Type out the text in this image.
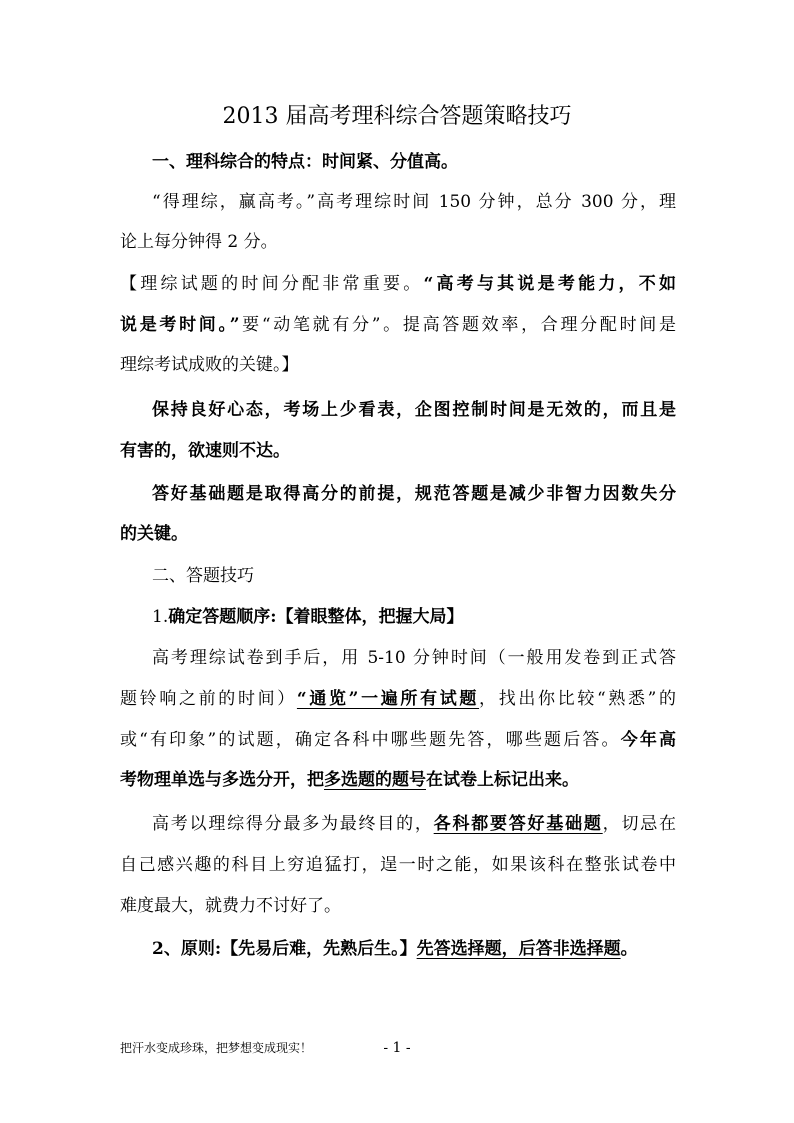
2013 届高考理科综合答题策略技巧
一、理科综合的特点：时间紧、分值高。
“得理综，赢高考。”高考理综时间 150 分钟，总分 300 分，理
论上每分钟得 2 分。
【理综试题的时间分配非常重要。“高考与其说是考能力，不如
说是考时间。”要“动笔就有分”。提高答题效率，合理分配时间是
理综考试成败的关键。】
保持良好心态，考场上少看表，企图控制时间是无效的，而且是
有害的，欲速则不达。
答好基础题是取得高分的前提，规范答题是减少非智力因数失分
的关键。
二、答题技巧
1.确定答题顺序:【着眼整体，把握大局】
高考理综试卷到手后，用 5-10 分钟时间（一般用发卷到正式答
题铃响之前的时间）“通览”一遍所有试题，找出你比较“熟悉”的
或“有印象”的试题，确定各科中哪些题先答，哪些题后答。今年高
考物理单选与多选分开，把多选题的题号在试卷上标记出来。
高考以理综得分最多为最终目的，各科都要答好基础题，切忌在
自己感兴趣的科目上穷追猛打，逞一时之能，如果该科在整张试卷中
难度最大，就费力不讨好了。
2、原则:【先易后难，先熟后生。】先答选择题，后答非选择题。
把汗水变成珍珠，把梦想变成现实！	- 1 -
